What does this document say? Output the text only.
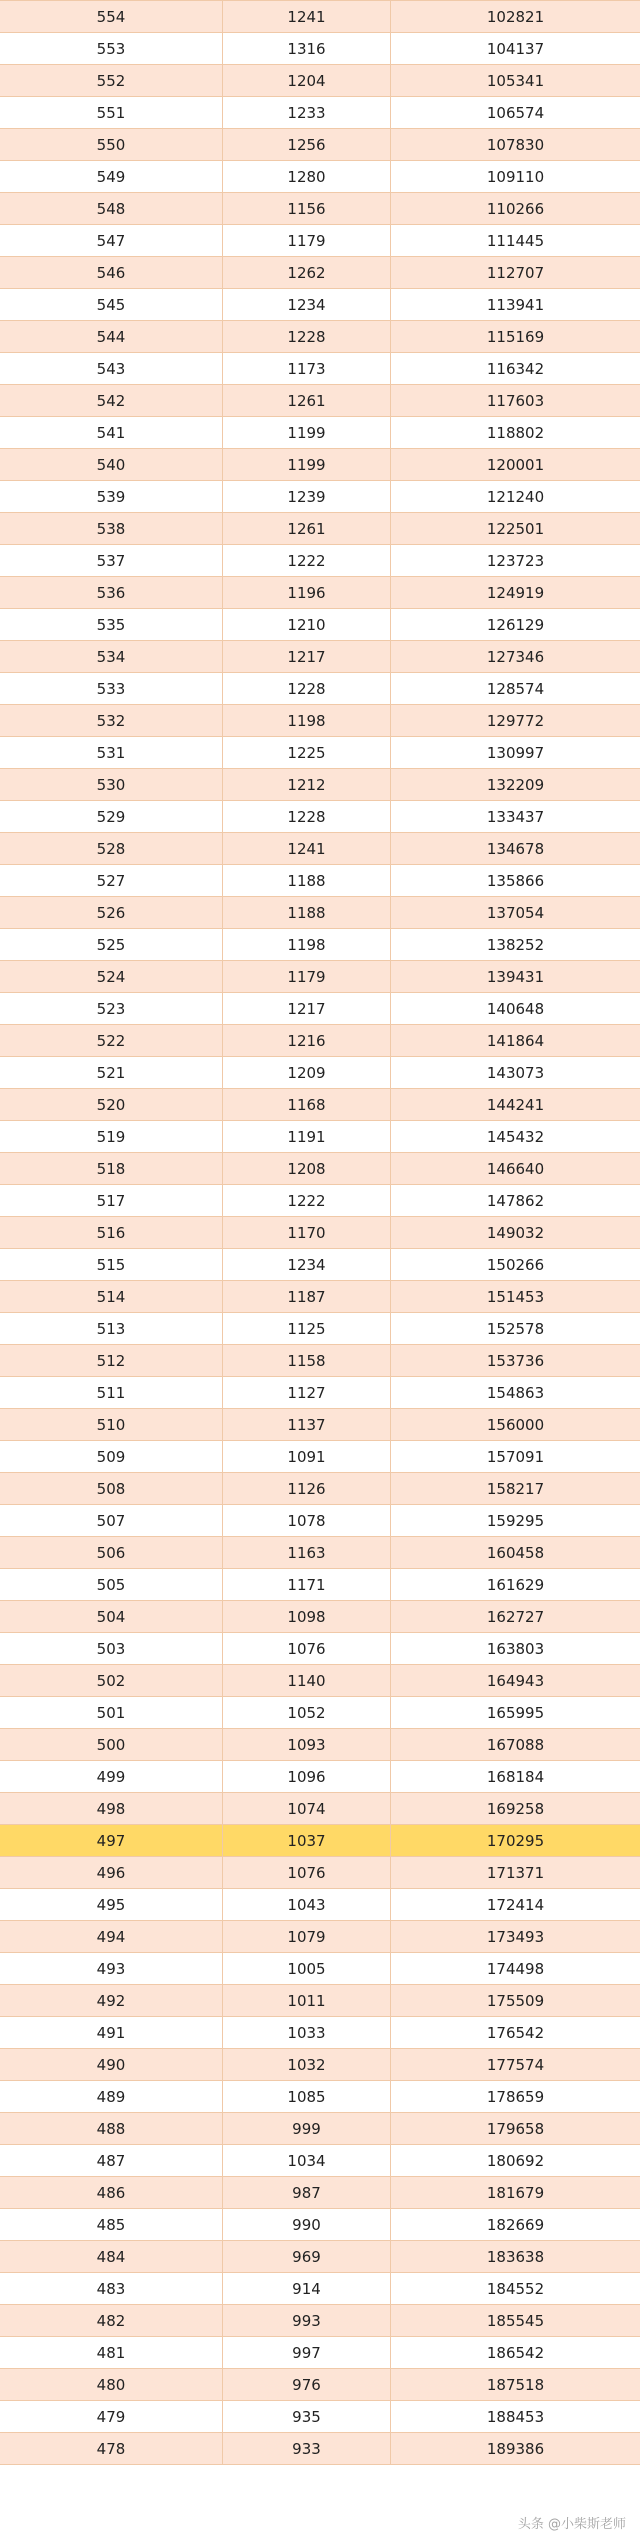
554	1241	102821
553	1316	104137
552	1204	105341
551	1233	106574
550	1256	107830
549	1280	109110
548	1156	110266
547	1179	111445
546	1262	112707
545	1234	113941
544	1228	115169
543	1173	116342
542	1261	117603
541	1199	118802
540	1199	120001
539	1239	121240
538	1261	122501
537	1222	123723
536	1196	124919
535	1210	126129
534	1217	127346
533	1228	128574
532	1198	129772
531	1225	130997
530	1212	132209
529	1228	133437
528	1241	134678
527	1188	135866
526	1188	137054
525	1198	138252
524	1179	139431
523	1217	140648
522	1216	141864
521	1209	143073
520	1168	144241
519	1191	145432
518	1208	146640
517	1222	147862
516	1170	149032
515	1234	150266
514	1187	151453
513	1125	152578
512	1158	153736
511	1127	154863
510	1137	156000
509	1091	157091
508	1126	158217
507	1078	159295
506	1163	160458
505	1171	161629
504	1098	162727
503	1076	163803
502	1140	164943
501	1052	165995
500	1093	167088
499	1096	168184
498	1074	169258
497	1037	170295
496	1076	171371
495	1043	172414
494	1079	173493
493	1005	174498
492	1011	175509
491	1033	176542
490	1032	177574
489	1085	178659
488	999	179658
487	1034	180692
486	987	181679
485	990	182669
484	969	183638
483	914	184552
482	993	185545
481	997	186542
480	976	187518
479	935	188453
478	933	189386
头条 @小柴斯老师
